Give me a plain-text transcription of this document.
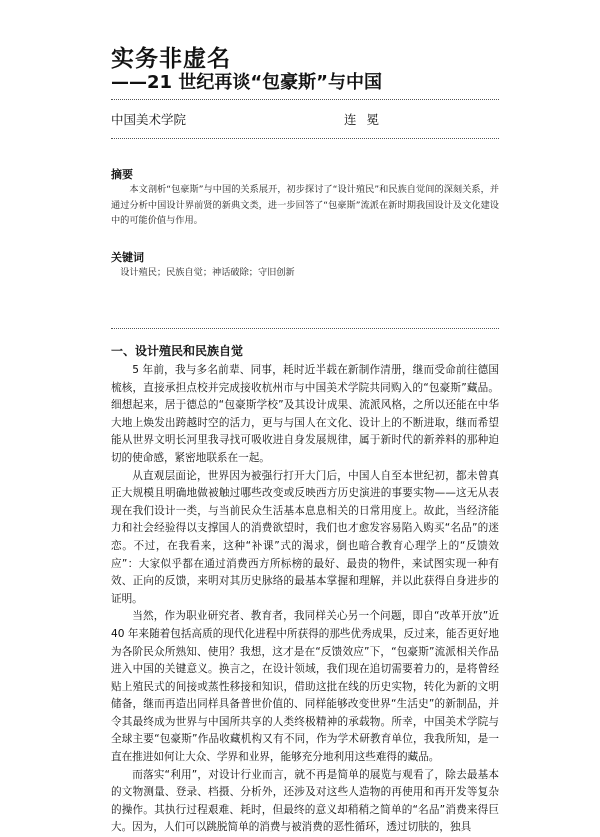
实务非虚名
——21 世纪再谈“包豪斯”与中国
中国美术学院	连冕
摘要
本文剖析“包豪斯”与中国的关系展开，初步探讨了“设计殖民”和民族自觉间的深刻关系，并通过分析中国设计界前贤的新典文类，进一步回答了“包豪斯”流派在新时期我国设计及文化建设中的可能价值与作用。
关键词
设计殖民；民族自觉；神话破除；守旧创新
一、设计殖民和民族自觉

5 年前，我与多名前辈、同事，耗时近半载在新制作清册，继而受命前往德国梳核，直接承担点校并完成接收杭州市与中国美术学院共同购入的“包豪斯”藏品。细想起来，居于德总的“包豪斯学校”及其设计成果、流派风格，之所以还能在中华大地上焕发出跨越时空的活力，更与与国人在文化、设计上的不断进取，继而希望能从世界文明长河里我寻找可吸收进自身发展规律，属于新时代的新养料的那种迫切的使命感，紧密地联系在一起。

从直观层面论，世界因为被强行打开大门后，中国人自至本世纪初，都未曾真正大规模且明确地做被触过哪些改变或反映西方历史演进的事要实物——这无从表现在我们设计一类，与当前民众生活基本息息相关的日常用度上。故此，当经济能力和社会经验得以支撑国人的消费欲望时，我们也才愈发容易陷入购买“名品”的迷恋。不过，在我看来，这种“补课”式的渴求，倒也暗合教育心理学上的“反馈效应”：大家似乎都在通过消费西方所标榜的最好、最贵的物件，来试图实现一种有效、正向的反馈，来明对其历史脉络的最基本掌握和理解，并以此获得自身进步的证明。

当然，作为职业研究者、教育者，我同样关心另一个问题，即自“改革开放”近 40 年来随着包括高质的现代化进程中所获得的那些优秀成果，反过来，能否更好地为各阶民众所熟知、使用？我想，这才是在“反馈效应”下，“包豪斯”流派相关作品进入中国的关键意义。换言之，在设计领域，我们现在追切需要着力的，是将曾经贴上殖民式的间接或蒸性移接和知识，借助这批在线的历史实物，转化为新的文明储备，继而再造出同样具备普世价值的、同样能够改变世界“生活史”的新制品，并令其最终成为世界与中国所共享的人类终极精神的承载物。所幸，中国美术学院与全球主要“包豪斯”作品收藏机构又有不同，作为学术研教育单位，我我所知，是一直在推进如何让大众、学界和业界，能够充分地利用这些难得的藏品。

而落实“利用”，对设计行业而言，就不再是简单的展览与观看了，除去最基本的文物测量、登录、档摄、分析外，还涉及对这些人造物的再使用和再开发等复杂的操作。其执行过程艰难、耗时，但最终的意义却稍稍之简单的“名品”消费来得巨大。因为，人们可以跳脱简单的消费与被消费的恶性循环，透过切肤的，独具
